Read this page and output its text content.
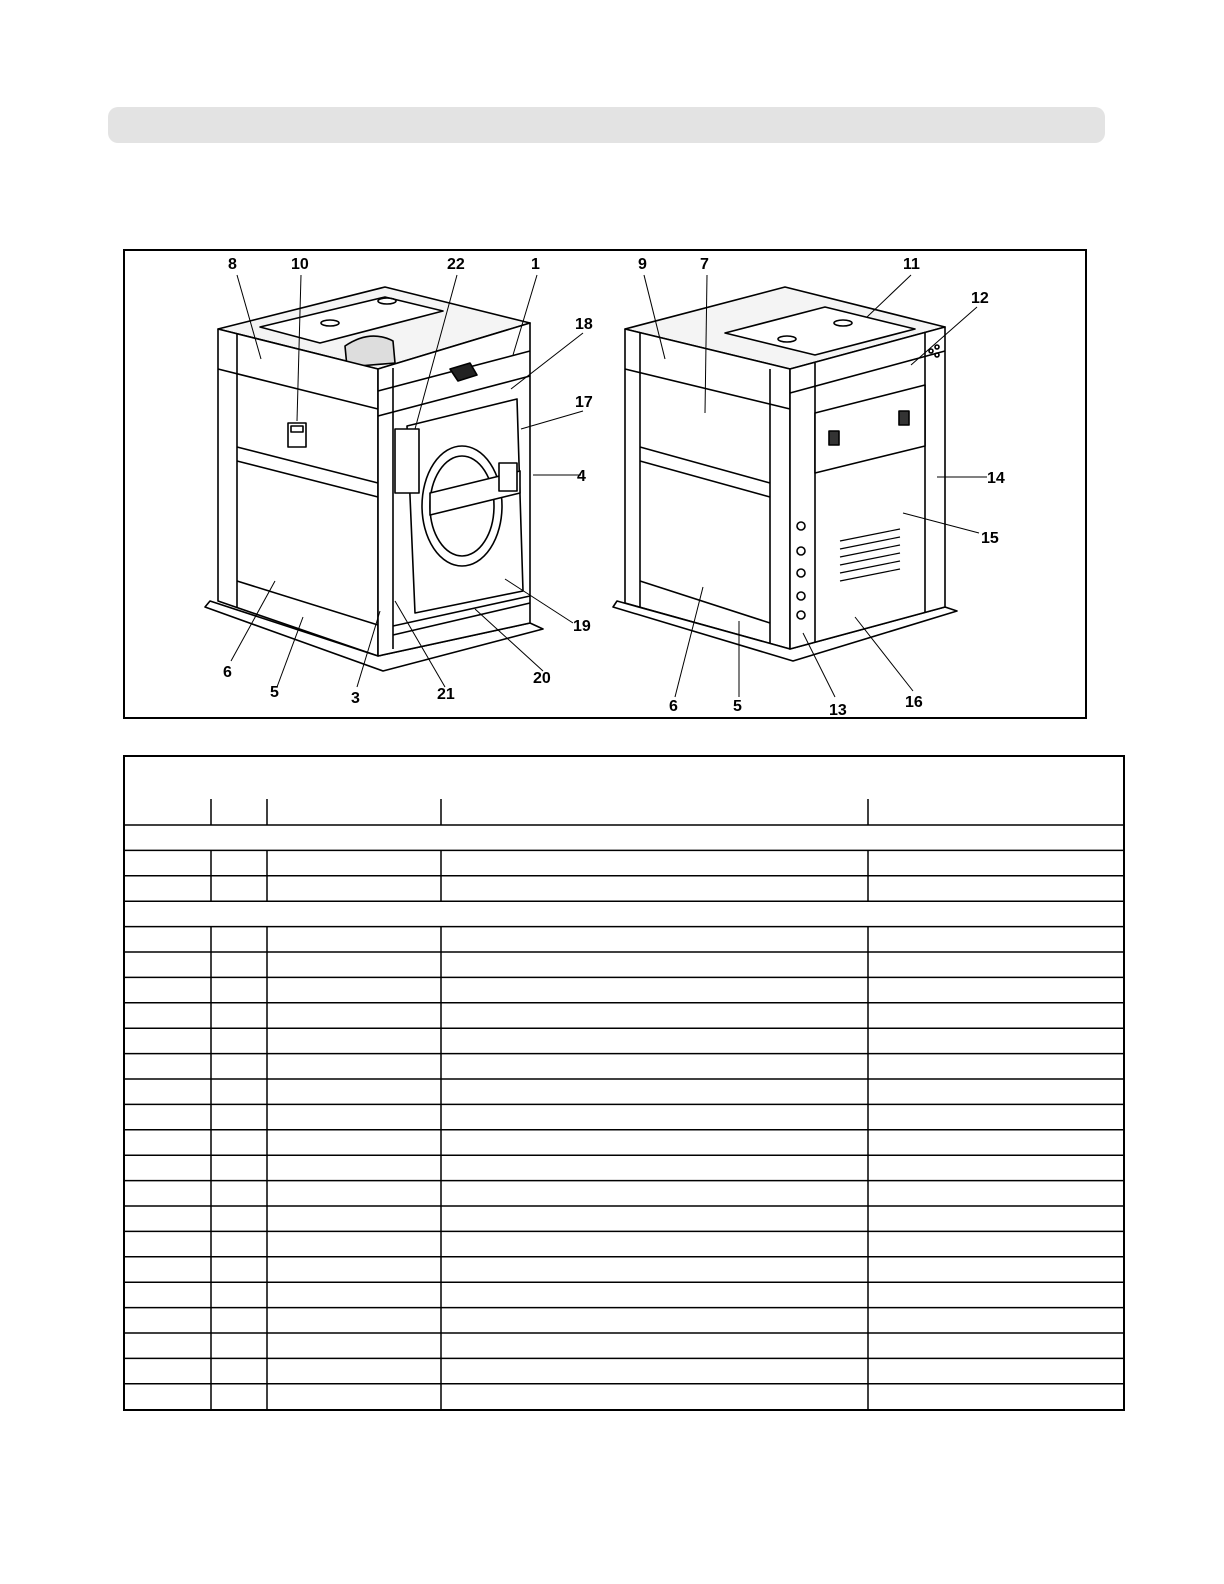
8	10	22	1
18
17
4
19
20
21
3
5
6
9	7	11
12
14
15
16
13
5
6
